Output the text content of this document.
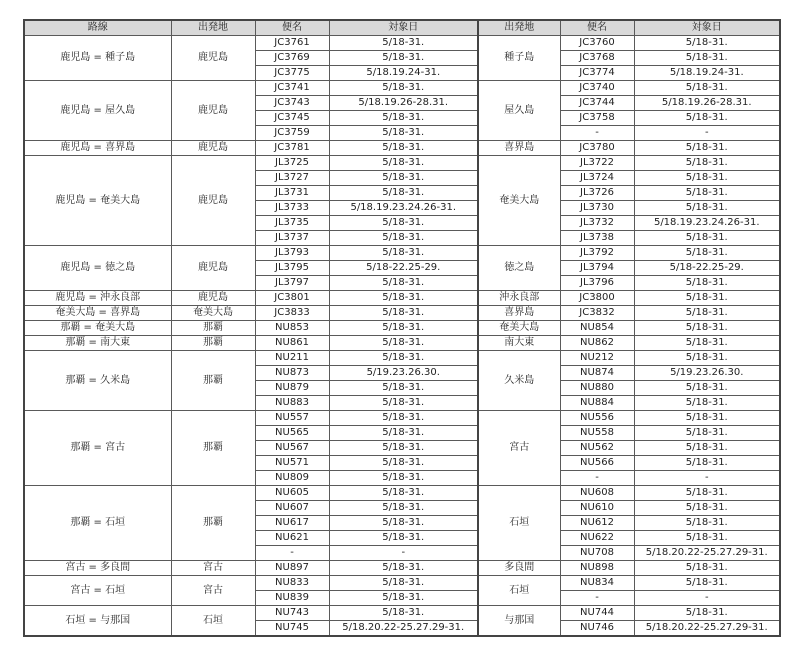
路線	出発地	便名	対象日	出発地	便名	対象日
鹿児島 = 種子島	鹿児島	JC3761	5/18-31.	種子島	JC3760	5/18-31.
		JC3769	5/18-31.		JC3768	5/18-31.
		JC3775	5/18.19.24-31.		JC3774	5/18.19.24-31.
鹿児島 = 屋久島	鹿児島	JC3741	5/18-31.	屋久島	JC3740	5/18-31.
		JC3743	5/18.19.26-28.31.		JC3744	5/18.19.26-28.31.
		JC3745	5/18-31.		JC3758	5/18-31.
		JC3759	5/18-31.		-	-
鹿児島 = 喜界島	鹿児島	JC3781	5/18-31.	喜界島	JC3780	5/18-31.
鹿児島 = 奄美大島	鹿児島	JL3725	5/18-31.	奄美大島	JL3722	5/18-31.
		JL3727	5/18-31.		JL3724	5/18-31.
		JL3731	5/18-31.		JL3726	5/18-31.
		JL3733	5/18.19.23.24.26-31.		JL3730	5/18-31.
		JL3735	5/18-31.		JL3732	5/18.19.23.24.26-31.
		JL3737	5/18-31.		JL3738	5/18-31.
鹿児島 = 徳之島	鹿児島	JL3793	5/18-31.	徳之島	JL3792	5/18-31.
		JL3795	5/18-22.25-29.		JL3794	5/18-22.25-29.
		JL3797	5/18-31.		JL3796	5/18-31.
鹿児島 = 沖永良部	鹿児島	JC3801	5/18-31.	沖永良部	JC3800	5/18-31.
奄美大島 = 喜界島	奄美大島	JC3833	5/18-31.	喜界島	JC3832	5/18-31.
那覇 = 奄美大島	那覇	NU853	5/18-31.	奄美大島	NU854	5/18-31.
那覇 = 南大東	那覇	NU861	5/18-31.	南大東	NU862	5/18-31.
那覇 = 久米島	那覇	NU211	5/18-31.	久米島	NU212	5/18-31.
		NU873	5/19.23.26.30.		NU874	5/19.23.26.30.
		NU879	5/18-31.		NU880	5/18-31.
		NU883	5/18-31.		NU884	5/18-31.
那覇 = 宮古	那覇	NU557	5/18-31.	宮古	NU556	5/18-31.
		NU565	5/18-31.		NU558	5/18-31.
		NU567	5/18-31.		NU562	5/18-31.
		NU571	5/18-31.		NU566	5/18-31.
		NU809	5/18-31.		-	-
那覇 = 石垣	那覇	NU605	5/18-31.	石垣	NU608	5/18-31.
		NU607	5/18-31.		NU610	5/18-31.
		NU617	5/18-31.		NU612	5/18-31.
		NU621	5/18-31.		NU622	5/18-31.
		-	-		NU708	5/18.20.22-25.27.29-31.
宮古 = 多良間	宮古	NU897	5/18-31.	多良間	NU898	5/18-31.
宮古 = 石垣	宮古	NU833	5/18-31.	石垣	NU834	5/18-31.
		NU839	5/18-31.		-	-
石垣 = 与那国	石垣	NU743	5/18-31.	与那国	NU744	5/18-31.
		NU745	5/18.20.22-25.27.29-31.		NU746	5/18.20.22-25.27.29-31.
